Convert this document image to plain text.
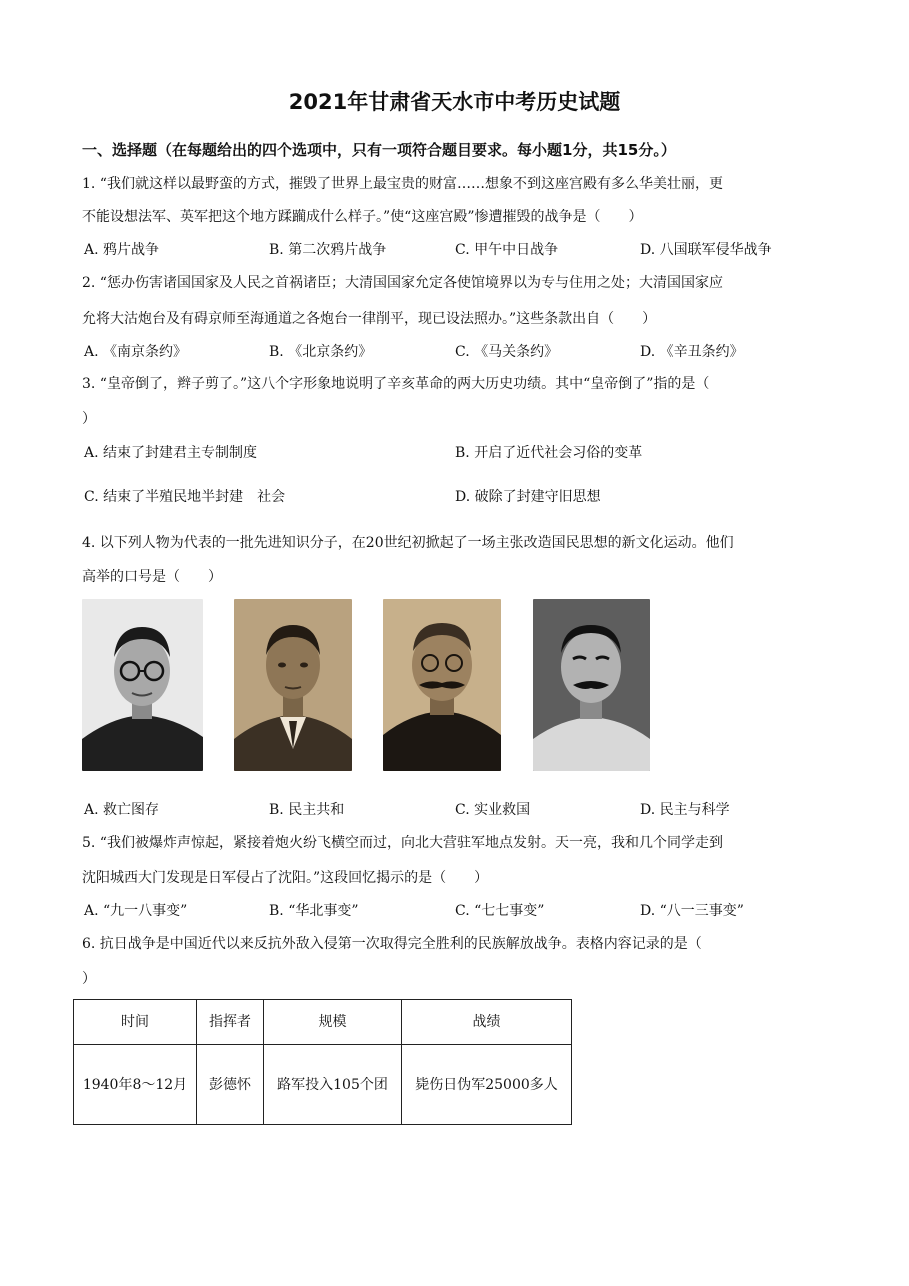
2021年甘肃省天水市中考历史试题
一、选择题（在每题给出的四个选项中，只有一项符合题目要求。每小题1分，共15分。）
1. “我们就这样以最野蛮的方式，摧毁了世界上最宝贵的财富……想象不到这座宫殿有多么华美壮丽，更
不能设想法军、英军把这个地方蹂躏成什么样子。”使“这座宫殿”惨遭摧毁的战争是（　　）
A. 鸦片战争	B. 第二次鸦片战争	C. 甲午中日战争	D. 八国联军侵华战争
2. “惩办伤害诸国国家及人民之首祸诸臣；大清国国家允定各使馆境界以为专与住用之处；大清国国家应
允将大沽炮台及有碍京师至海通道之各炮台一律削平，现已设法照办。”这些条款出自（　　）
A. 《南京条约》	B. 《北京条约》	C. 《马关条约》	D. 《辛丑条约》
3. “皇帝倒了，辫子剪了。”这八个字形象地说明了辛亥革命的两大历史功绩。其中“皇帝倒了”指的是（
）
A. 结束了封建君主专制制度	B. 开启了近代社会习俗的变革
C. 结束了半殖民地半封建　社会	D. 破除了封建守旧思想
4. 以下列人物为代表的一批先进知识分子，在20世纪初掀起了一场主张改造国民思想的新文化运动。他们
高举的口号是（　　）
A. 救亡图存	B. 民主共和	C. 实业救国	D. 民主与科学
5. “我们被爆炸声惊起，紧接着炮火纷飞横空而过，向北大营驻军地点发射。天一亮，我和几个同学走到
沈阳城西大门发现是日军侵占了沈阳。”这段回忆揭示的是（　　）
A. “九一八事变”	B. “华北事变”	C. “七七事变”	D. “八一三事变”
6. 抗日战争是中国近代以来反抗外敌入侵第一次取得完全胜利的民族解放战争。表格内容记录的是（
）
时间	指挥者	规模	战绩
1940年8～12月	彭德怀	路军投入105个团	毙伤日伪军25000多人
